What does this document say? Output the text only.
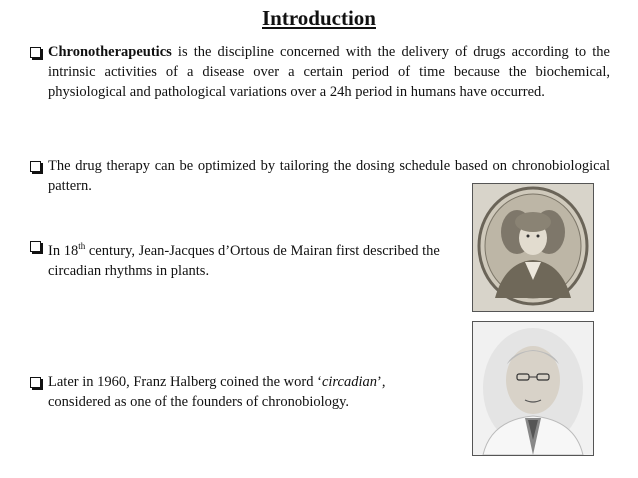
Introduction
Chronotherapeutics is the discipline concerned with the delivery of drugs according to the intrinsic activities of a disease over a certain period of time because the biochemical, physiological and pathological variations over a 24h period in humans have occurred.
The drug therapy can be optimized by tailoring the dosing schedule based on chronobiological pattern.
In 18th century, Jean-Jacques d’Ortous de Mairan first described the circadian rhythms in plants.
Later in 1960, Franz Halberg coined the word ‘circadian’, considered as one of the founders of chronobiology.
